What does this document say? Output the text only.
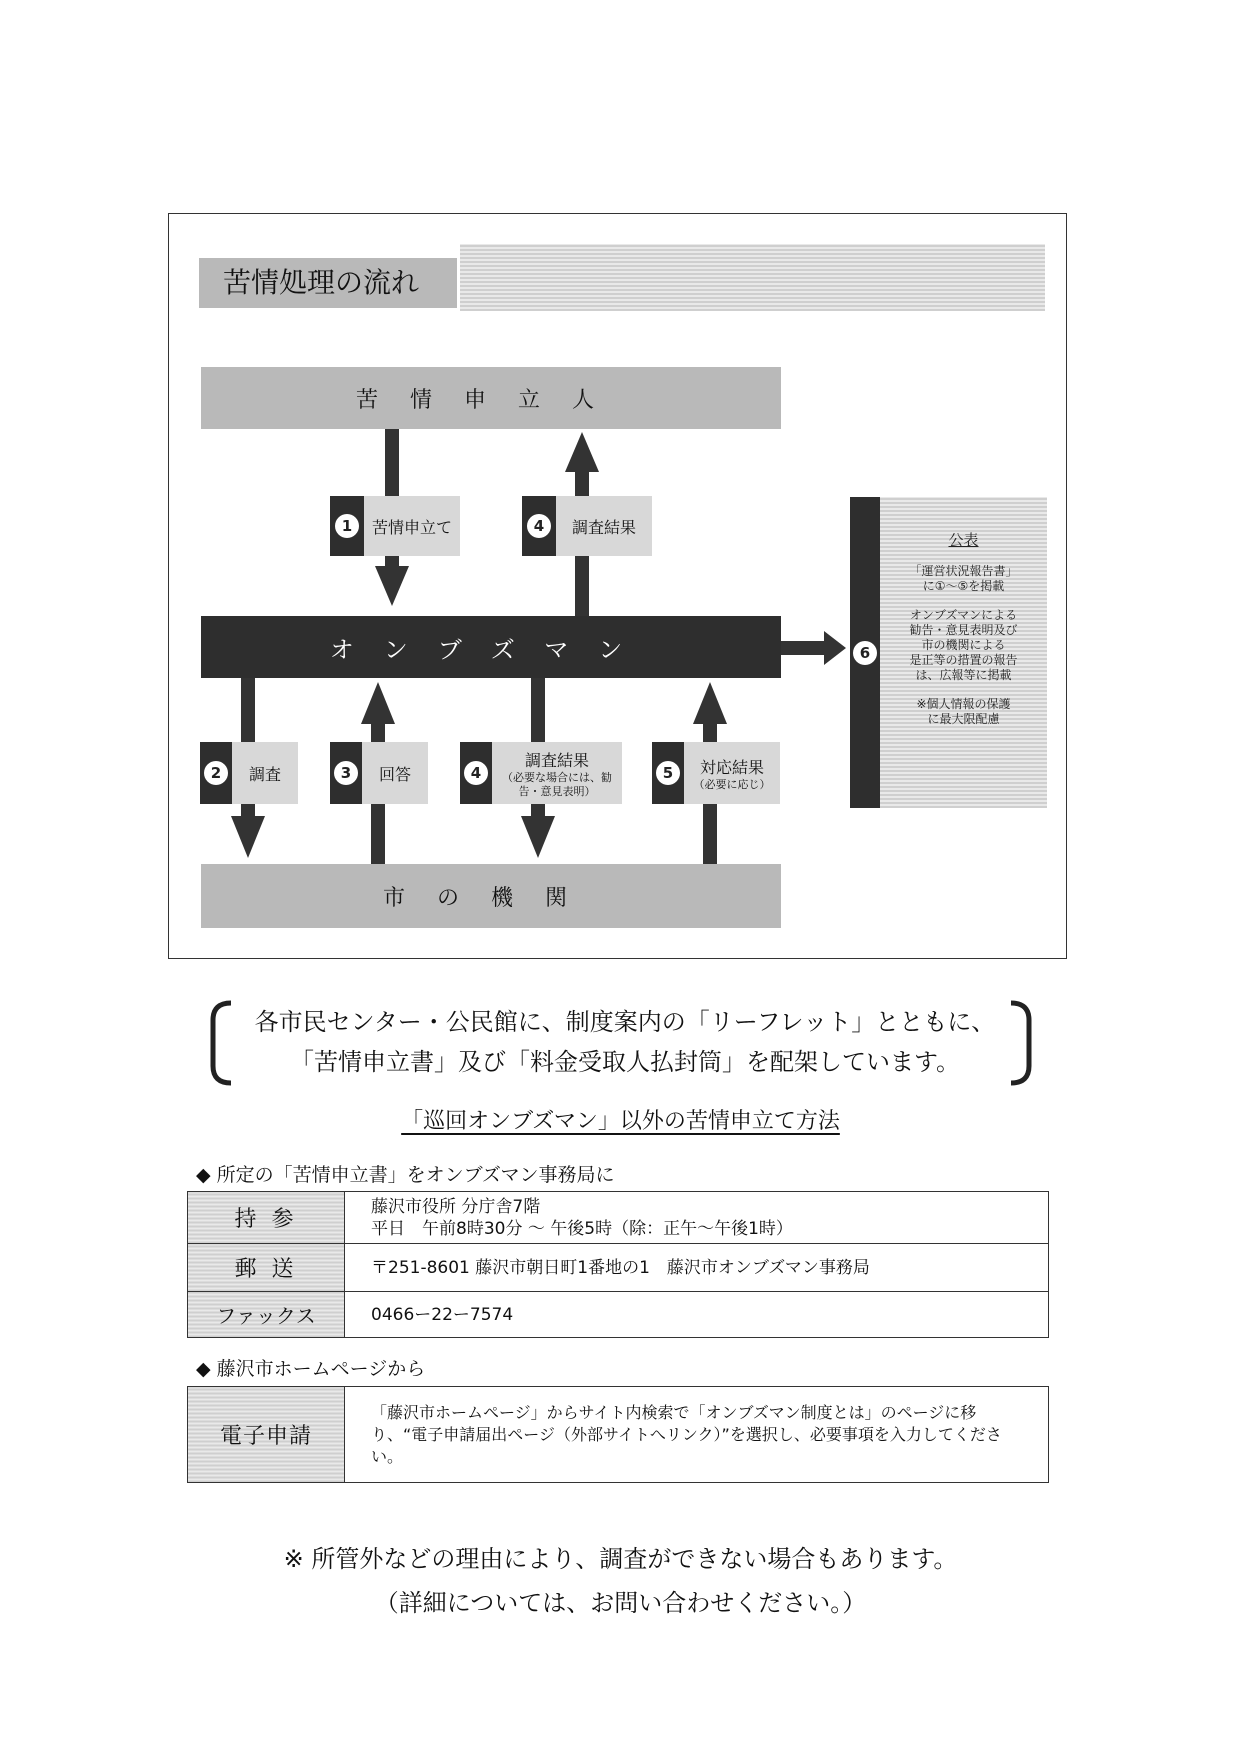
苦情処理の流れ
苦情申立人
オンブズマン
市の機関
1	苦情申立て	4	調査結果
2	調査	3	回答	4
調査結果
（必要な場合には、勧告・意見表明）
5	対応結果
（必要に応じ）
6
公表
「運営状況報告書」
に①～⑤を掲載
オンブズマンによる
勧告・意見表明及び
市の機関による
是正等の措置の報告
は、広報等に掲載
※個人情報の保護
に最大限配慮
各市民センター・公民館に、制度案内の「リーフレット」とともに、
「苦情申立書」及び「料金受取人払封筒」を配架しています。
「巡回オンブズマン」以外の苦情申立て方法
◆ 所定の「苦情申立書」をオンブズマン事務局に
持 参	藤沢市役所 分庁舎7階
平日　午前8時30分 ～ 午後5時（除：正午～午後1時）

郵 送	〒251-8601 藤沢市朝日町1番地の1　藤沢市オンブズマン事務局
ファックス	0466ー22ー7574
◆ 藤沢市ホームページから
電子申請	「藤沢市ホームページ」からサイト内検索で「オンブズマン制度とは」のページに移り、“電子申請届出ページ（外部サイトへリンク）”を選択し、必要事項を入力してください。
※ 所管外などの理由により、調査ができない場合もあります。
（詳細については、お問い合わせください。）
